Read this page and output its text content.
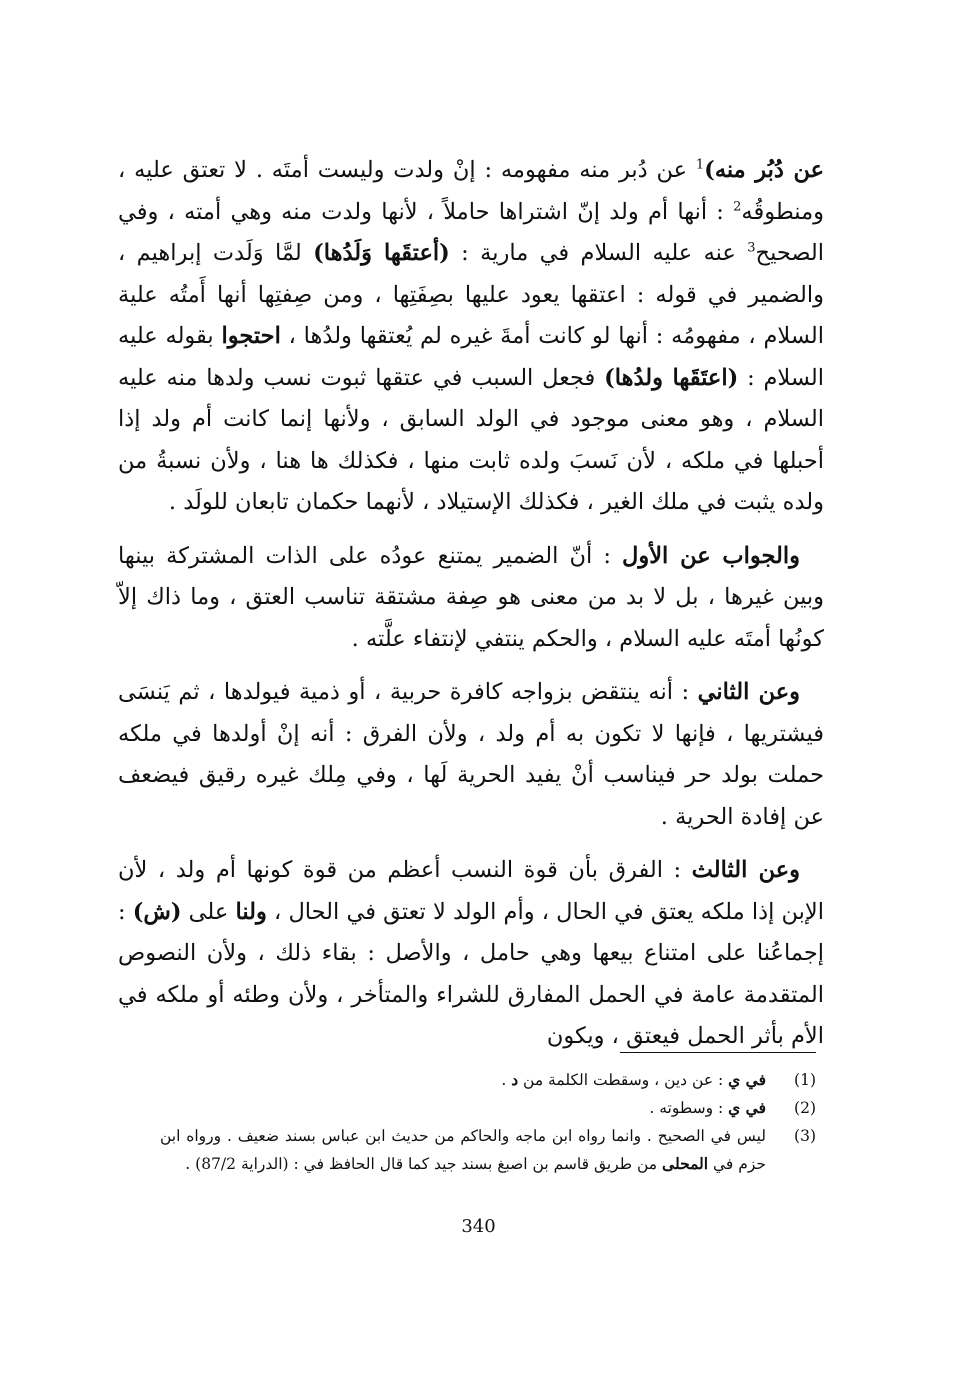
عن دُبُر منه)$^1$ عن دُبر منه مفهومه : إنْ ولدت وليست أمتَه . لا تعتق عليه ، ومنطوقُه$^2$ : أنها أم ولد إنّ اشتراها حاملاً ، لأنها ولدت منه وهي أمته ، وفي الصحيح$^3$ عنه عليه السلام في مارية : (أعتقَها وَلَدُها) لمَّا وَلَدت إبراهيم ، والضمير في قوله : اعتقها يعود عليها بصِفَتِها ، ومن صِفتِها أنها أَمتُه علية السلام ، مفهومُه : أنها لو كانت أمةَ غيره لم يُعتقها ولدُها ، احتجوا بقوله عليه السلام : (اعتَقَها ولدُها) فجعل السبب في عتقها ثبوت نسب ولدها منه عليه السلام ، وهو معنى موجود في الولد السابق ، ولأنها إنما كانت أم ولد إذا أحبلها في ملكه ، لأن نَسبَ ولده ثابت منها ، فكذلك ها هنا ، ولأن نسبةُ من ولده يثبت في ملك الغير ، فكذلك الإستيلاد ، لأنهما حكمان تابعان للولَد .

والجواب عن الأول : أنّ الضمير يمتنع عودُه على الذات المشتركة بينها وبين غيرها ، بل لا بد من معنى هو صِفة مشتقة تناسب العتق ، وما ذاك إلاّ كونُها أمتَه عليه السلام ، والحكم ينتفي لإنتفاء علَّته .

وعن الثاني : أنه ينتقض بزواجه كافرة حربية ، أو ذمية فيولدها ، ثم يَنسَى فيشتريها ، فإنها لا تكون به أم ولد ، ولأن الفرق : أنه إنْ أولدها في ملكه حملت بولد حر فيناسب أنْ يفيد الحرية لَها ، وفي مِلك غيره رقيق فيضعف عن إفادة الحرية .

وعن الثالث : الفرق بأن قوة النسب أعظم من قوة كونها أم ولد ، لأن الإبن إذا ملكه يعتق في الحال ، وأم الولد لا تعتق في الحال ، ولنا على (ش) : إجماعُنا على امتناع بيعها وهي حامل ، والأصل : بقاء ذلك ، ولأن النصوص المتقدمة عامة في الحمل المفارق للشراء والمتأخر ، ولأن وطئه أو ملكه في الأم بأثر الحمل فيعتق ، ويكون

(1)
في ي : عن دين ، وسقطت الكلمة من د .
(2)
في ي : وسطوته .
(3)
ليس في الصحيح . وانما رواه ابن ماجه والحاكم من حديث ابن عباس بسند ضعيف . ورواه ابن حزم في المحلى من طريق قاسم بن اصبغ بسند جيد كما قال الحافظ في : (الدراية 87/2) .
340
